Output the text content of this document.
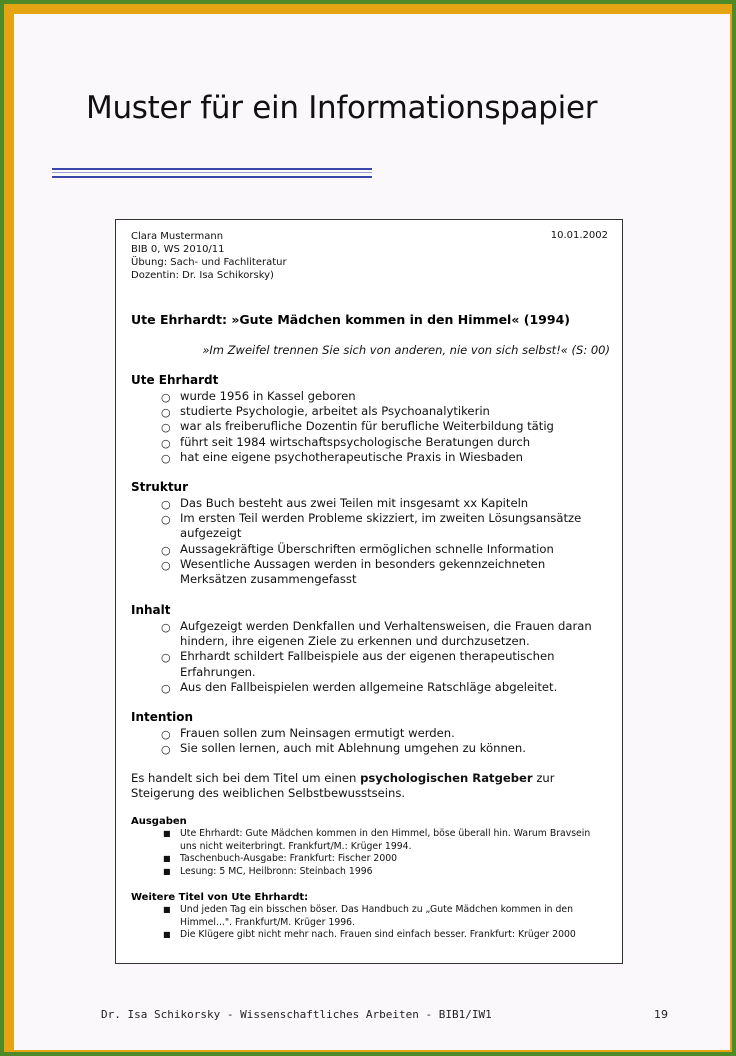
Muster für ein Informationspapier
Clara Mustermann
BIB 0, WS 2010/11
Übung: Sach- und Fachliteratur
Dozentin: Dr. Isa Schikorsky)
10.01.2002
Ute Ehrhardt: »Gute Mädchen kommen in den Himmel« (1994)
»Im Zweifel trennen Sie sich von anderen, nie von sich selbst!« (S: 00)
Ute Ehrhardt
○ wurde 1956 in Kassel geboren
○ studierte Psychologie, arbeitet als Psychoanalytikerin
○ war als freiberufliche Dozentin für berufliche Weiterbildung tätig
○ führt seit 1984 wirtschaftspsychologische Beratungen durch
○ hat eine eigene psychotherapeutische Praxis in Wiesbaden
Struktur
○ Das Buch besteht aus zwei Teilen mit insgesamt xx Kapiteln
○ Im ersten Teil werden Probleme skizziert, im zweiten Lösungsansätze aufgezeigt
○ Aussagekräftige Überschriften ermöglichen schnelle Information
○ Wesentliche Aussagen werden in besonders gekennzeichneten Merksätzen zusammengefasst
Inhalt
○ Aufgezeigt werden Denkfallen und Verhaltensweisen, die Frauen daran hindern, ihre eigenen Ziele zu erkennen und durchzusetzen.
○ Ehrhardt schildert Fallbeispiele aus der eigenen therapeutischen Erfahrungen.
○ Aus den Fallbeispielen werden allgemeine Ratschläge abgeleitet.
Intention
○ Frauen sollen zum Neinsagen ermutigt werden.
○ Sie sollen lernen, auch mit Ablehnung umgehen zu können.
Es handelt sich bei dem Titel um einen psychologischen Ratgeber zur Steigerung des weiblichen Selbstbewusstseins.
Ausgaben
■ Ute Ehrhardt: Gute Mädchen kommen in den Himmel, böse überall hin. Warum Bravsein uns nicht weiterbringt. Frankfurt/M.: Krüger 1994.
■ Taschenbuch-Ausgabe: Frankfurt: Fischer 2000
■ Lesung: 5 MC, Heilbronn: Steinbach 1996
Weitere Titel von Ute Ehrhardt:
■ Und jeden Tag ein bisschen böser. Das Handbuch zu „Gute Mädchen kommen in den Himmel...". Frankfurt/M. Krüger 1996.
■ Die Klügere gibt nicht mehr nach. Frauen sind einfach besser. Frankfurt: Krüger 2000
Dr. Isa Schikorsky - Wissenschaftliches Arbeiten - BIB1/IW1	19
